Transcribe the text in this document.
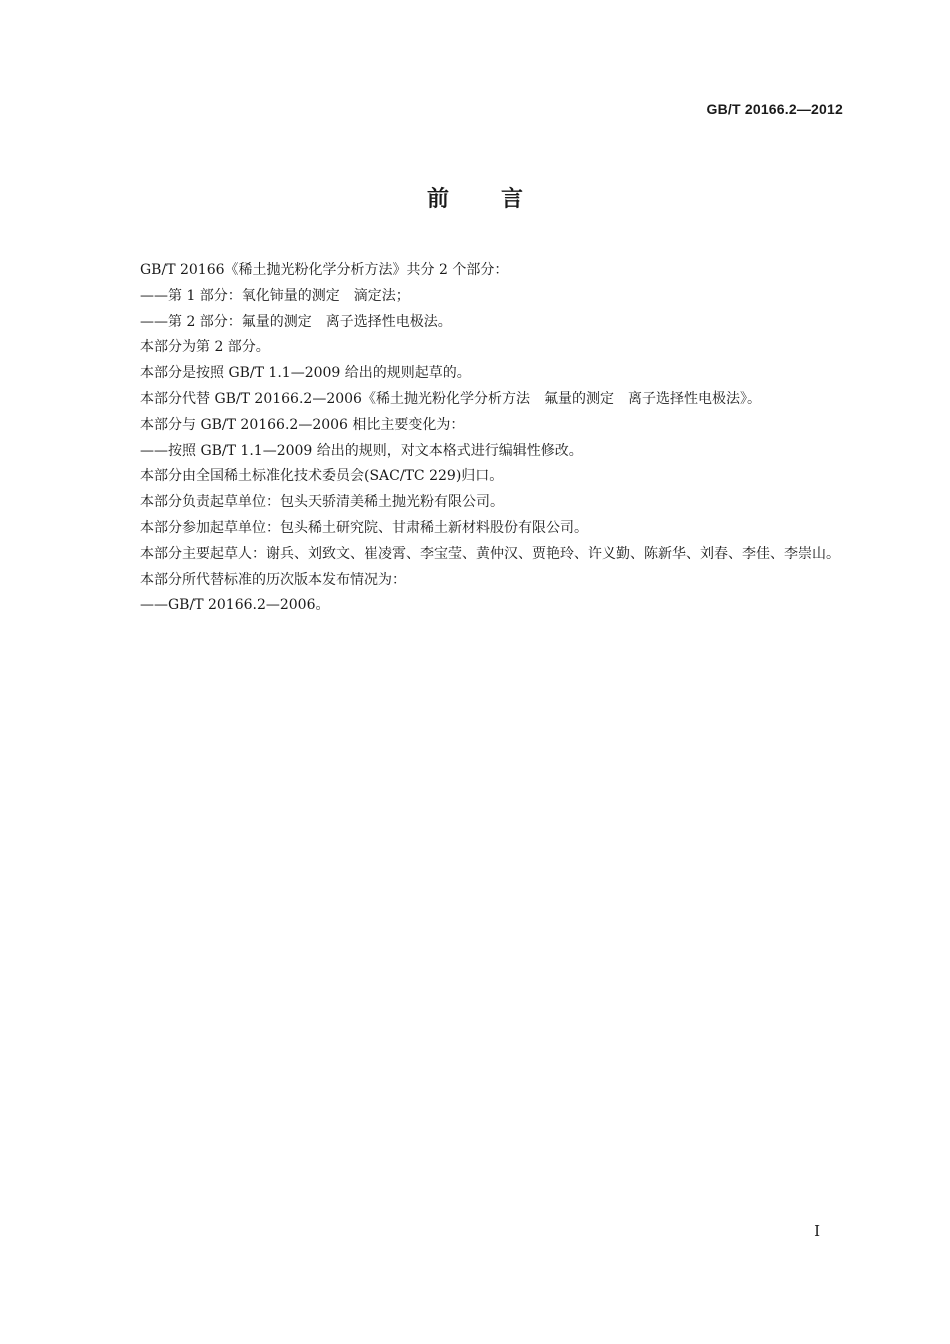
GB/T 20166.2—2012
前 言

GB/T 20166《稀土抛光粉化学分析方法》共分 2 个部分：

——第 1 部分：氧化铈量的测定　滴定法；

——第 2 部分：氟量的测定　离子选择性电极法。

本部分为第 2 部分。

本部分是按照 GB/T 1.1—2009 给出的规则起草的。

本部分代替 GB/T 20166.2—2006《稀土抛光粉化学分析方法　氟量的测定　离子选择性电极法》。

本部分与 GB/T 20166.2—2006 相比主要变化为：

——按照 GB/T 1.1—2009 给出的规则，对文本格式进行编辑性修改。

本部分由全国稀土标准化技术委员会(SAC/TC 229)归口。

本部分负责起草单位：包头天骄清美稀土抛光粉有限公司。

本部分参加起草单位：包头稀土研究院、甘肃稀土新材料股份有限公司。

本部分主要起草人：谢兵、刘致文、崔凌霄、李宝莹、黄仲汉、贾艳玲、许义勤、陈新华、刘春、李佳、李崇山。

本部分所代替标准的历次版本发布情况为：

——GB/T 20166.2—2006。

I
